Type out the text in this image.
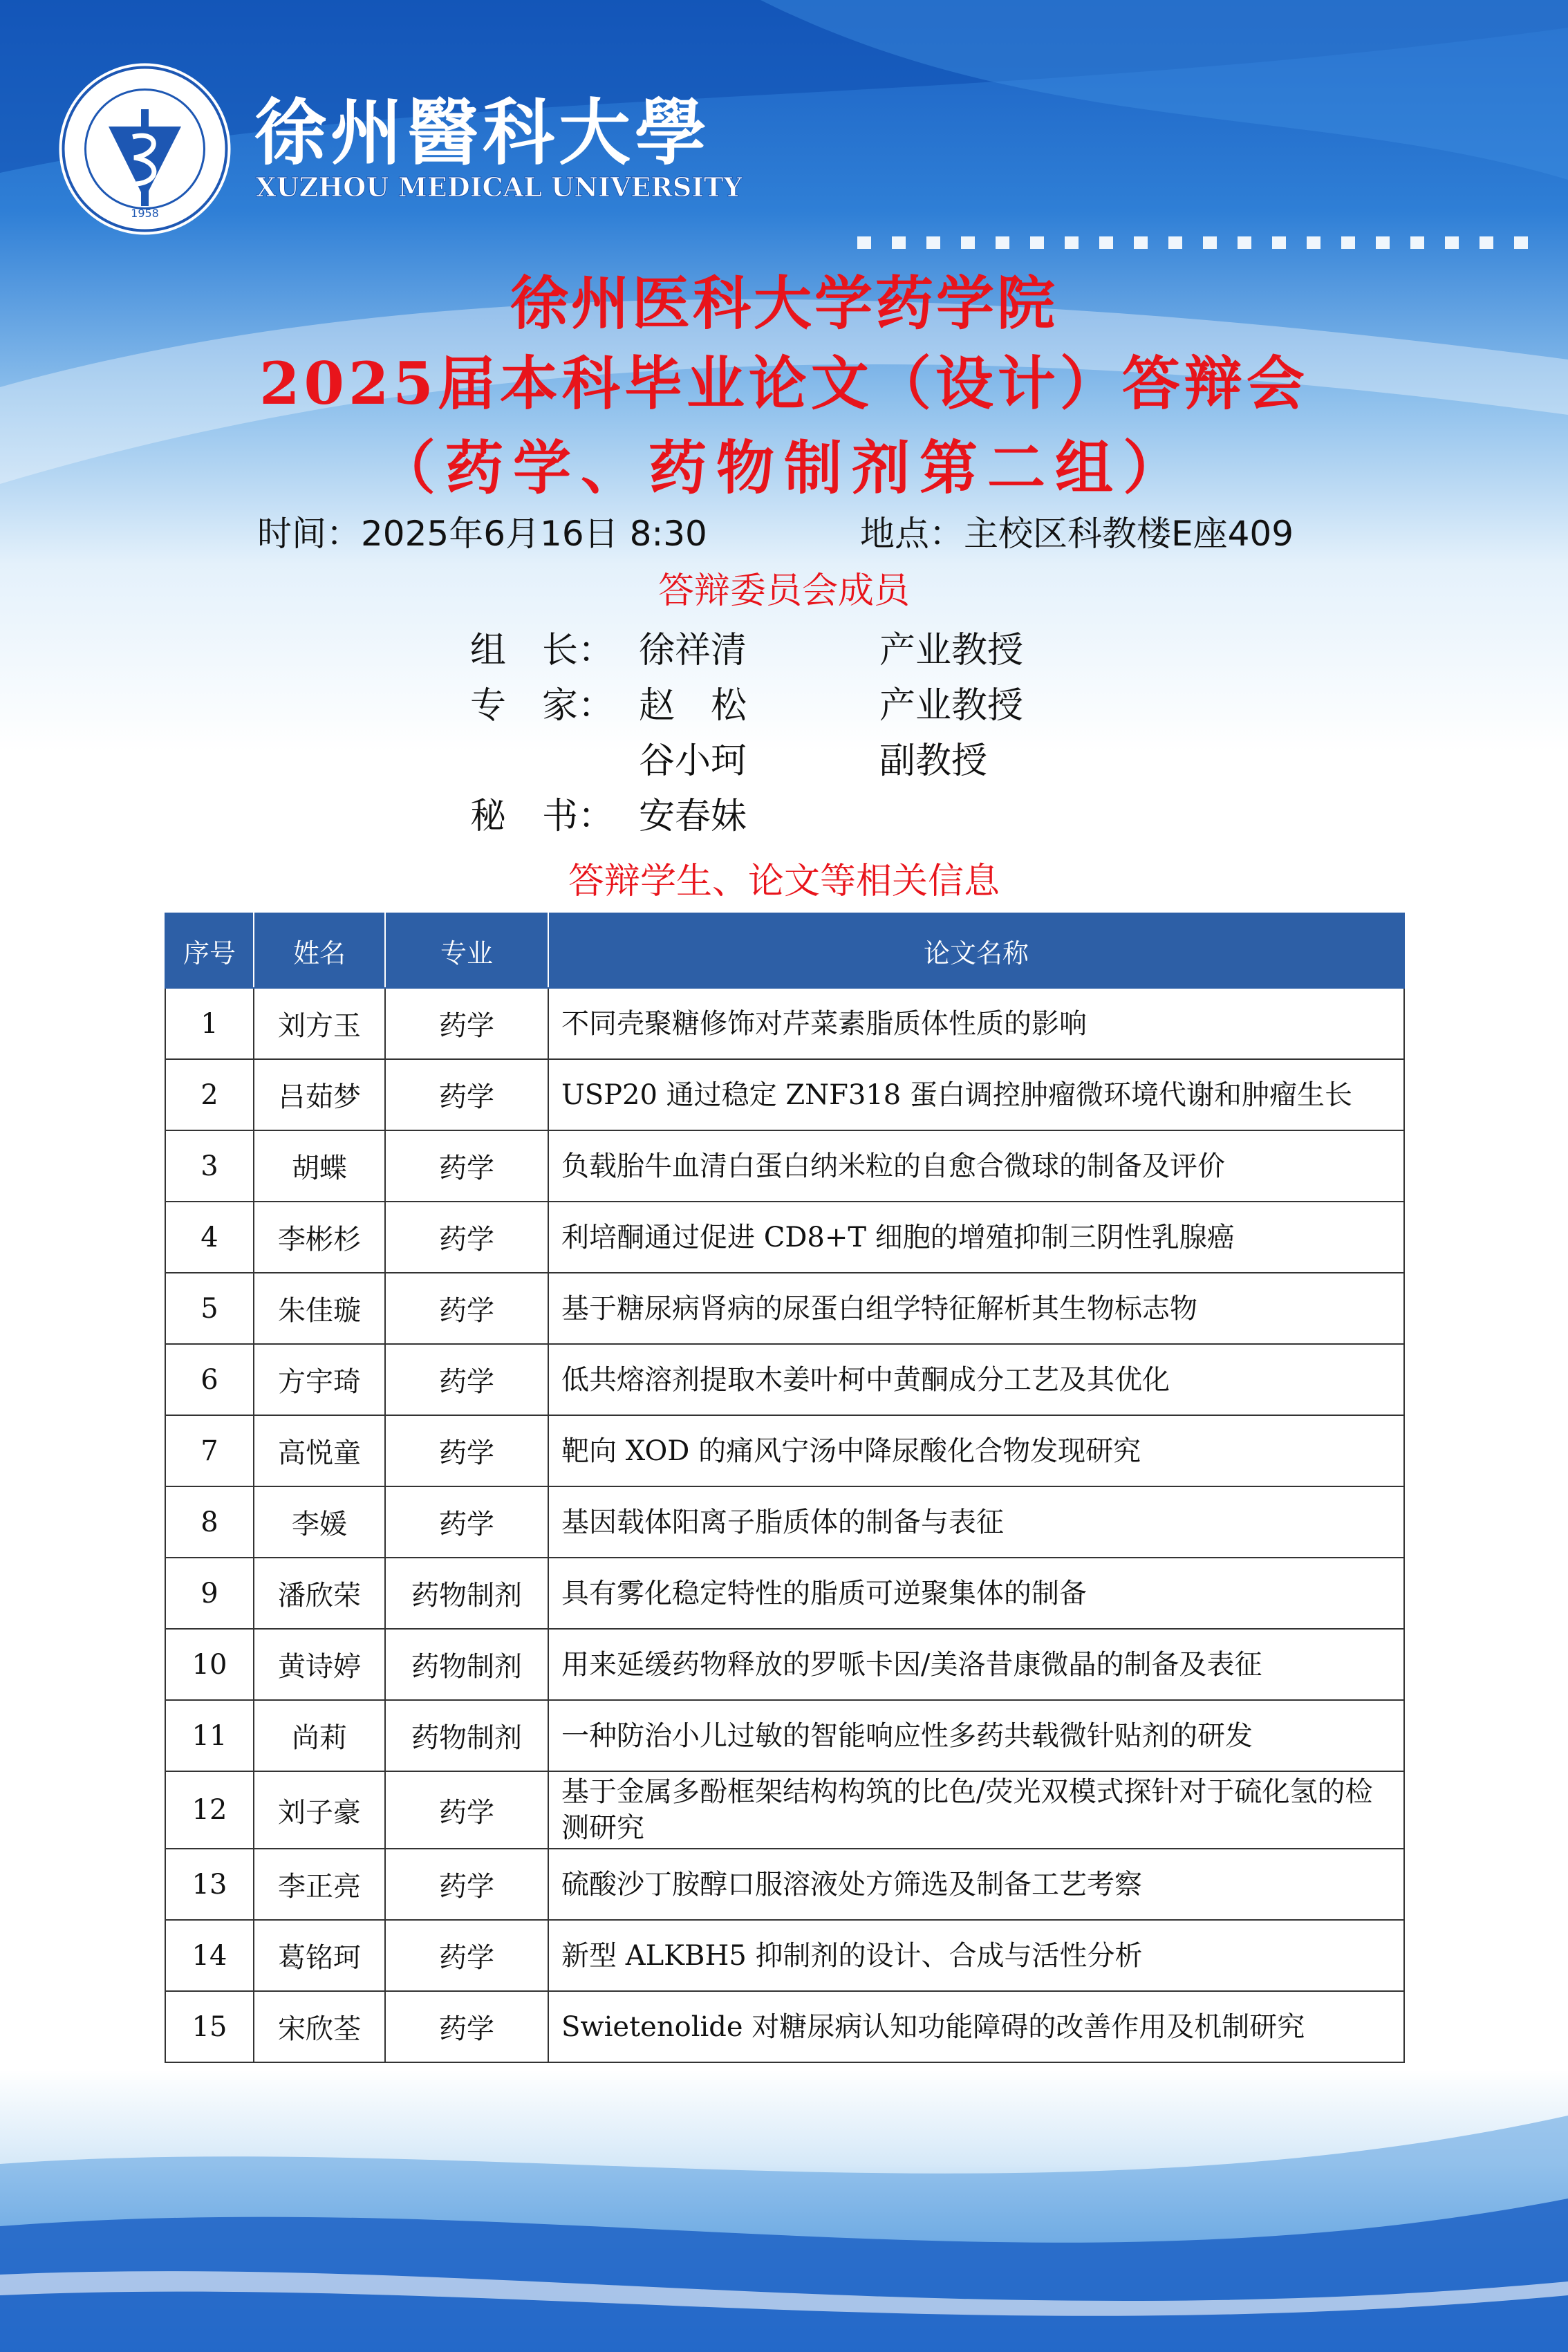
1958
徐州醫科大學
XUZHOU MEDICAL UNIVERSITY
徐州医科大学药学院
2025届本科毕业论文（设计）答辩会
（药学、药物制剂第二组）
时间：2025年6月16日 8:30	地点：主校区科教楼E座409
答辩委员会成员
组　长： 徐祥清	产业教授
专　家： 赵　松	产业教授
谷小珂	副教授
秘　书： 安春妹
答辩学生、论文等相关信息
序号	姓名	专业	论文名称
1	刘方玉	药学	不同壳聚糖修饰对芹菜素脂质体性质的影响
2	吕茹梦	药学	USP20 通过稳定 ZNF318 蛋白调控肿瘤微环境代谢和肿瘤生长
3	胡蝶	药学	负载胎牛血清白蛋白纳米粒的自愈合微球的制备及评价
4	李彬杉	药学	利培酮通过促进 CD8+T 细胞的增殖抑制三阴性乳腺癌
5	朱佳璇	药学	基于糖尿病肾病的尿蛋白组学特征解析其生物标志物
6	方宇琦	药学	低共熔溶剂提取木姜叶柯中黄酮成分工艺及其优化
7	高悦童	药学	靶向 XOD 的痛风宁汤中降尿酸化合物发现研究
8	李媛	药学	基因载体阳离子脂质体的制备与表征
9	潘欣荣	药物制剂	具有雾化稳定特性的脂质可逆聚集体的制备
10	黄诗婷	药物制剂	用来延缓药物释放的罗哌卡因/美洛昔康微晶的制备及表征
11	尚莉	药物制剂	一种防治小儿过敏的智能响应性多药共载微针贴剂的研发
12	刘子豪	药学	基于金属多酚框架结构构筑的比色/荧光双模式探针对于硫化氢的检测研究
13	李正亮	药学	硫酸沙丁胺醇口服溶液处方筛选及制备工艺考察
14	葛铭珂	药学	新型 ALKBH5 抑制剂的设计、合成与活性分析
15	宋欣荃	药学	Swietenolide 对糖尿病认知功能障碍的改善作用及机制研究
